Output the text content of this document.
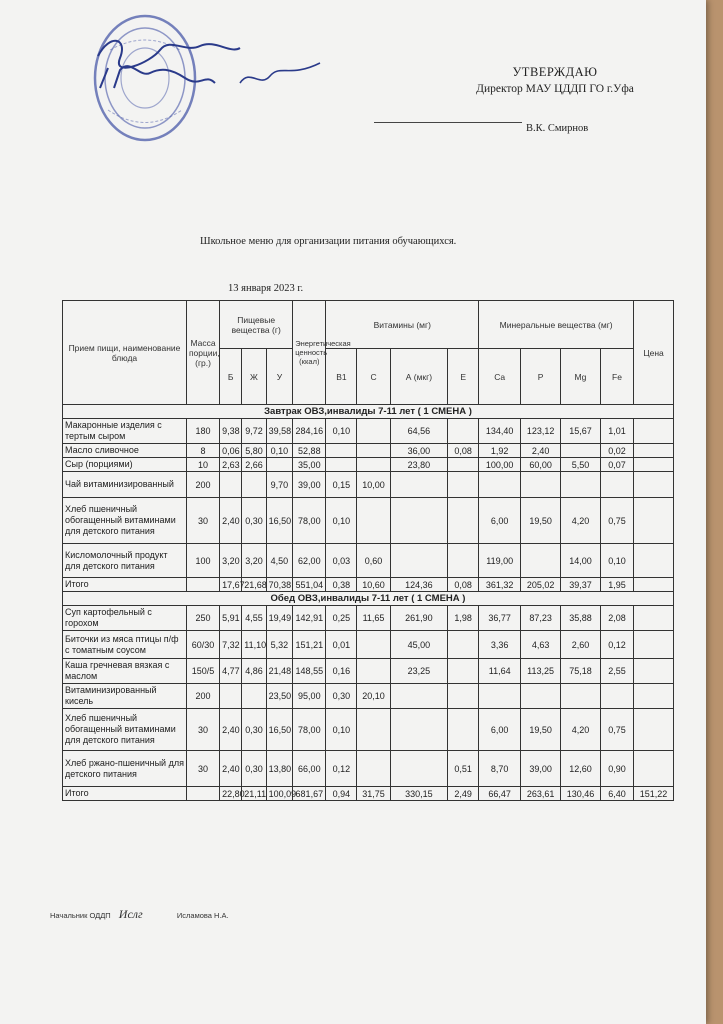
УТВЕРЖДАЮ
Директор МАУ ЦДДП ГО г.Уфа
В.К. Смирнов
Школьное меню для организации питания обучающихся.
13 января 2023 г.
Прием пищи, наименование блюда	Масса порции, (гр.)	Пищевые вещества (г)			Энергетическая ценность (ккал)	Витамины (мг)				Минеральные вещества (мг)				Цена
		Б	Ж	У		В1	С	А (мкг)	Е	Ca	P	Mg	Fe	
Завтрак ОВЗ,инвалиды 7-11 лет ( 1 СМЕНА )														
Макаронные изделия с тертым сыром	180	9,38	9,72	39,58	284,16	0,10		64,56		134,40	123,12	15,67	1,01	
Масло сливочное	8	0,06	5,80	0,10	52,88			36,00	0,08	1,92	2,40		0,02	
Сыр (порциями)	10	2,63	2,66		35,00			23,80		100,00	60,00	5,50	0,07	
Чай витаминизированный	200			9,70	39,00	0,15	10,00							
Хлеб пшеничный обогащенный витаминами для детского питания	30	2,40	0,30	16,50	78,00	0,10				6,00	19,50	4,20	0,75	
Кисломолочный продукт для детского питания	100	3,20	3,20	4,50	62,00	0,03	0,60			119,00		14,00	0,10	
Итого		17,67	21,68	70,38	551,04	0,38	10,60	124,36	0,08	361,32	205,02	39,37	1,95	
Обед ОВЗ,инвалиды 7-11 лет ( 1 СМЕНА )														
Суп картофельный с горохом	250	5,91	4,55	19,49	142,91	0,25	11,65	261,90	1,98	36,77	87,23	35,88	2,08	
Биточки из мяса птицы п/ф с томатным соусом	60/30	7,32	11,10	5,32	151,21	0,01		45,00		3,36	4,63	2,60	0,12	
Каша гречневая вязкая с маслом	150/5	4,77	4,86	21,48	148,55	0,16		23,25		11,64	113,25	75,18	2,55	
Витаминизированный кисель	200			23,50	95,00	0,30	20,10							
Хлеб пшеничный обогащенный витаминами для детского питания	30	2,40	0,30	16,50	78,00	0,10				6,00	19,50	4,20	0,75	
Хлеб ржано-пшеничный для детского питания	30	2,40	0,30	13,80	66,00	0,12			0,51	8,70	39,00	12,60	0,90	
Итого		22,80	21,11	100,09	681,67	0,94	31,75	330,15	2,49	66,47	263,61	130,46	6,40	151,22
Начальник ОДДП Ислг	Исламова Н.А.
